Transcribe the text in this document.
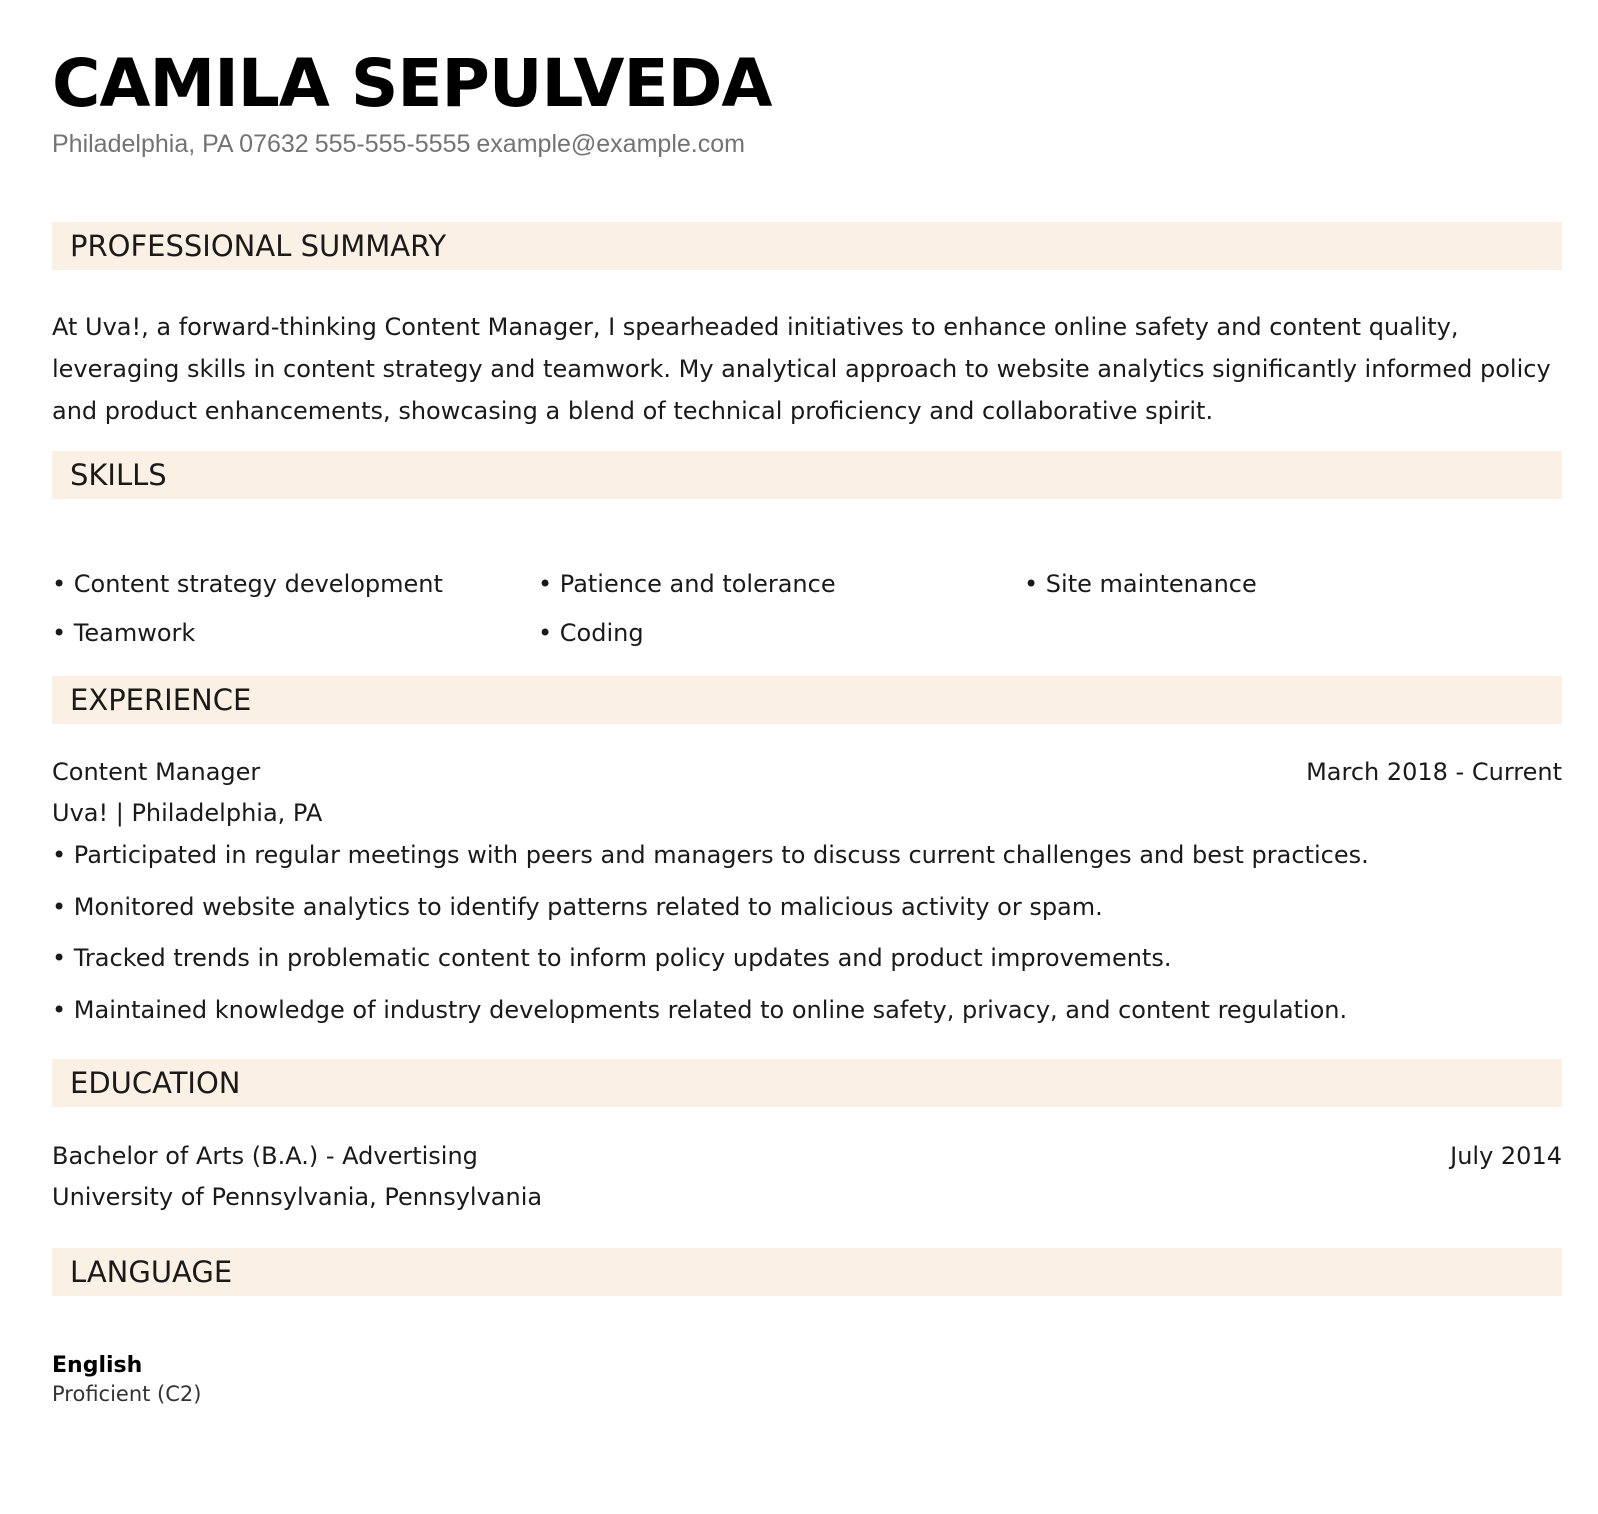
CAMILA SEPULVEDA
Philadelphia, PA 07632 555-555-5555 example@example.com
PROFESSIONAL SUMMARY

At Uva!, a forward-thinking Content Manager, I spearheaded initiatives to enhance online safety and content quality, leveraging skills in content strategy and teamwork. My analytical approach to website analytics significantly informed policy and product enhancements, showcasing a blend of technical proficiency and collaborative spirit.

SKILLS
• Content strategy development	• Patience and tolerance	• Site maintenance
• Teamwork	• Coding
EXPERIENCE
Content Manager	March 2018 - Current
Uva! | Philadelphia, PA
• Participated in regular meetings with peers and managers to discuss current challenges and best practices.
• Monitored website analytics to identify patterns related to malicious activity or spam.
• Tracked trends in problematic content to inform policy updates and product improvements.
• Maintained knowledge of industry developments related to online safety, privacy, and content regulation.
EDUCATION
Bachelor of Arts (B.A.) - Advertising	July 2014
University of Pennsylvania, Pennsylvania
LANGUAGE
English
Proficient (C2)
